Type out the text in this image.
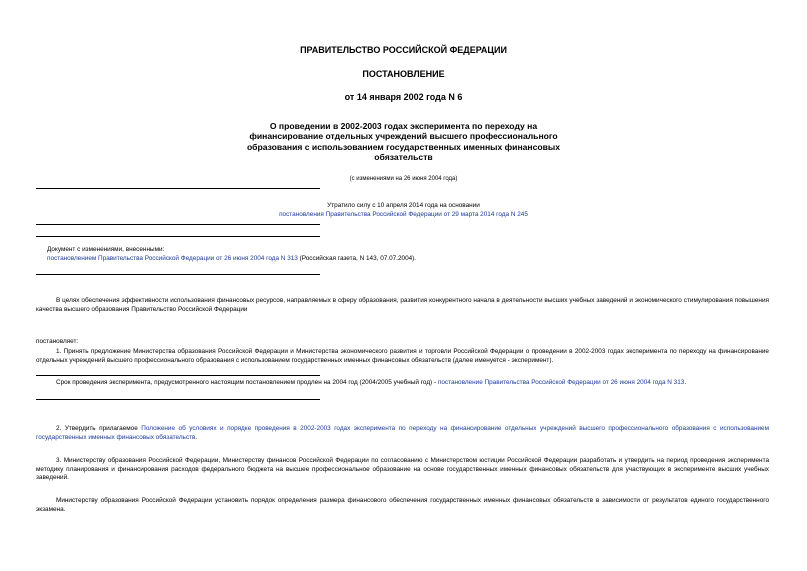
ПРАВИТЕЛЬСТВО РОССИЙСКОЙ ФЕДЕРАЦИИ
ПОСТАНОВЛЕНИЕ
от 14 января 2002 года N 6
О проведении в 2002-2003 годах эксперимента по переходу на финансирование отдельных учреждений высшего профессионального образования с использованием государственных именных финансовых обязательств
(с изменениями на 26 июня 2004 года)
Утратило силу с 10 апреля 2014 года на основании
постановления Правительства Российской Федерации от 29 марта 2014 года N 245
Документ с изменениями, внесенными:
постановлением Правительства Российской Федерации от 26 июня 2004 года N 313 (Российская газета, N 143, 07.07.2004).
В целях обеспечения эффективности использования финансовых ресурсов, направляемых в сферу образования, развития конкурентного начала в деятельности высших учебных заведений и экономического стимулирования повышения качества высшего образования Правительство Российской Федерации
постановляет:
1. Принять предложение Министерства образования Российской Федерации и Министерства экономического развития и торговли Российской Федерации о проведении в 2002-2003 годах эксперимента по переходу на финансирование отдельных учреждений высшего профессионального образования с использованием государственных именных финансовых обязательств (далее именуется - эксперимент).
Срок проведения эксперимента, предусмотренного настоящим постановлением продлен на 2004 год (2004/2005 учебный год) - постановление Правительства Российской Федерации от 26 июня 2004 года N 313.
2. Утвердить прилагаемое Положение об условиях и порядке проведения в 2002-2003 годах эксперимента по переходу на финансирование отдельных учреждений высшего профессионального образования с использованием государственных именных финансовых обязательств.
3. Министерству образования Российской Федерации, Министерству финансов Российской Федерации по согласованию с Министерством юстиции Российской Федерации разработать и утвердить на период проведения эксперимента методику планирования и финансирования расходов федерального бюджета на высшее профессиональное образование на основе государственных именных финансовых обязательств для участвующих в эксперименте высших учебных заведений.
Министерству образования Российской Федерации установить порядок определения размера финансового обеспечения государственных именных финансовых обязательств в зависимости от результатов единого государственного экзамена.
